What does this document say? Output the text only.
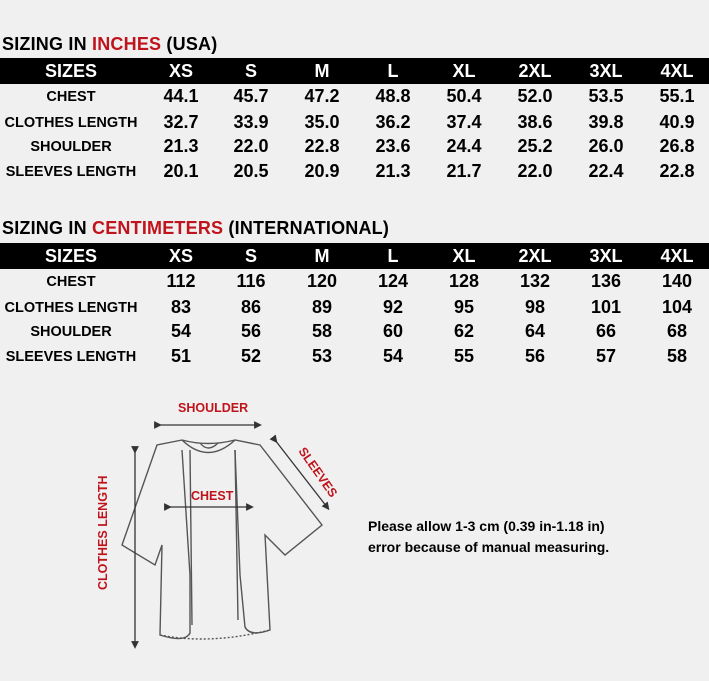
SIZING IN INCHES (USA)
SIZES	XS	S	M	L	XL	2XL	3XL	4XL
CHEST	44.1	45.7	47.2	48.8	50.4	52.0	53.5	55.1
CLOTHES LENGTH	32.7	33.9	35.0	36.2	37.4	38.6	39.8	40.9
SHOULDER	21.3	22.0	22.8	23.6	24.4	25.2	26.0	26.8
SLEEVES LENGTH	20.1	20.5	20.9	21.3	21.7	22.0	22.4	22.8
SIZING IN CENTIMETERS (INTERNATIONAL)
SIZES	XS	S	M	L	XL	2XL	3XL	4XL
CHEST	112	116	120	124	128	132	136	140
CLOTHES LENGTH	83	86	89	92	95	98	101	104
SHOULDER	54	56	58	60	62	64	66	68
SLEEVES LENGTH	51	52	53	54	55	56	57	58
SHOULDER
SLEEVES
CHEST
CLOTHES LENGTH	Please allow 1-3 cm (0.39 in-1.18 in)
error because of manual measuring.
